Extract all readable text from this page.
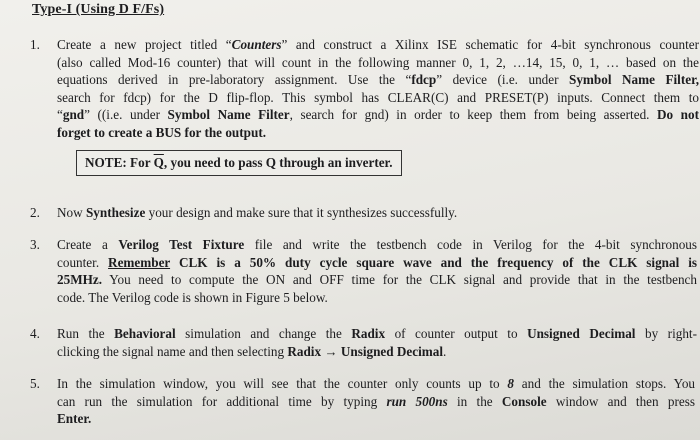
Type-I (Using D F/Fs)
1. Create a new project titled “Counters” and construct a Xilinx ISE schematic for 4-bit synchronous counter
(also called Mod-16 counter) that will count in the following manner 0, 1, 2, …14, 15, 0, 1, … based on the
equations derived in pre-laboratory assignment. Use the “fdcp” device (i.e. under Symbol Name Filter,
search for fdcp) for the D flip-flop. This symbol has CLEAR(C) and PRESET(P) inputs. Connect them to
“gnd” ((i.e. under Symbol Name Filter, search for gnd) in order to keep them from being asserted. Do not
forget to create a BUS for the output.
NOTE: For $\overline{Q}$, you need to pass Q through an inverter.
2. Now Synthesize your design and make sure that it synthesizes successfully.
3. Create a Verilog Test Fixture file and write the testbench code in Verilog for the 4-bit synchronous
counter. Remember CLK is a 50% duty cycle square wave and the frequency of the CLK signal is
25MHz. You need to compute the ON and OFF time for the CLK signal and provide that in the testbench
code. The Verilog code is shown in Figure 5 below.
4. Run the Behavioral simulation and change the Radix of counter output to Unsigned Decimal by right-
clicking the signal name and then selecting Radix → Unsigned Decimal.
5. In the simulation window, you will see that the counter only counts up to 8 and the simulation stops. You
can run the simulation for additional time by typing run 500ns in the Console window and then press
Enter.
